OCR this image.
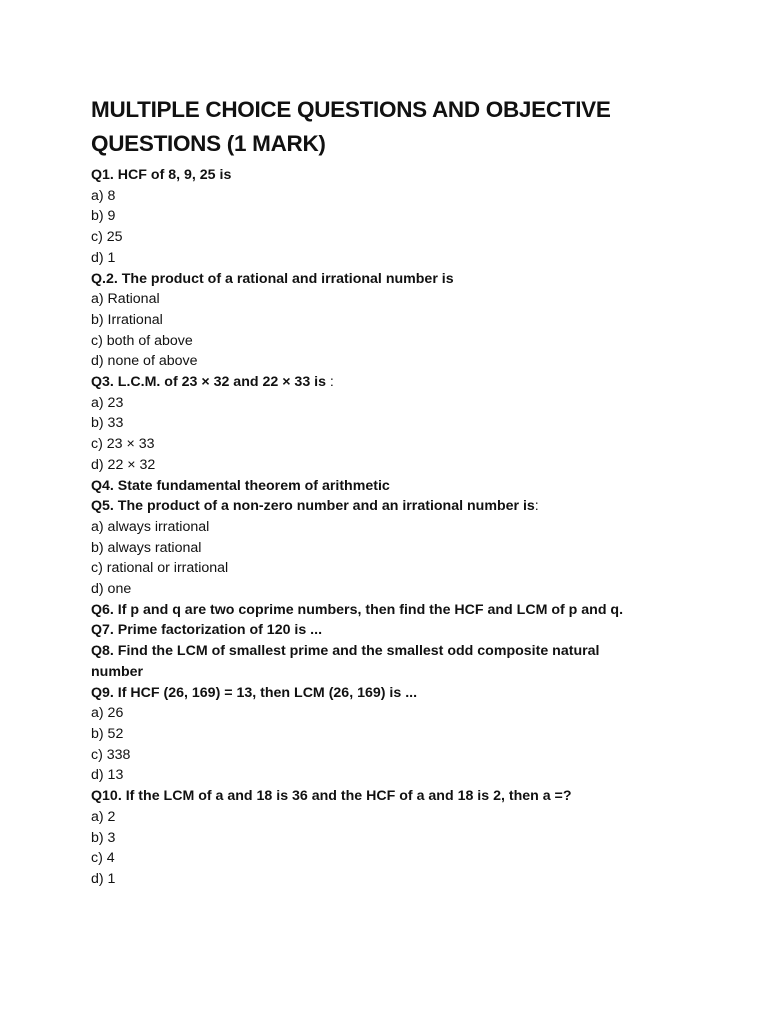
MULTIPLE CHOICE QUESTIONS AND OBJECTIVE
QUESTIONS (1 MARK)
Q1. HCF of 8, 9, 25 is
a) 8
b) 9
c) 25
d) 1
Q.2. The product of a rational and irrational number is
a) Rational
b) Irrational
c) both of above
d) none of above
Q3. L.C.M. of 23 × 32 and 22 × 33 is :
a) 23
b) 33
c) 23 × 33
d) 22 × 32
Q4. State fundamental theorem of arithmetic
Q5. The product of a non-zero number and an irrational number is:
a) always irrational
b) always rational
c) rational or irrational
d) one
Q6. If p and q are two coprime numbers, then find the HCF and LCM of p and q.
Q7. Prime factorization of 120 is ...
Q8. Find the LCM of smallest prime and the smallest odd composite natural number
Q9. If HCF (26, 169) = 13, then LCM (26, 169) is ...
a) 26
b) 52
c) 338
d) 13
Q10. If the LCM of a and 18 is 36 and the HCF of a and 18 is 2, then a =?
a) 2
b) 3
c) 4
d) 1
